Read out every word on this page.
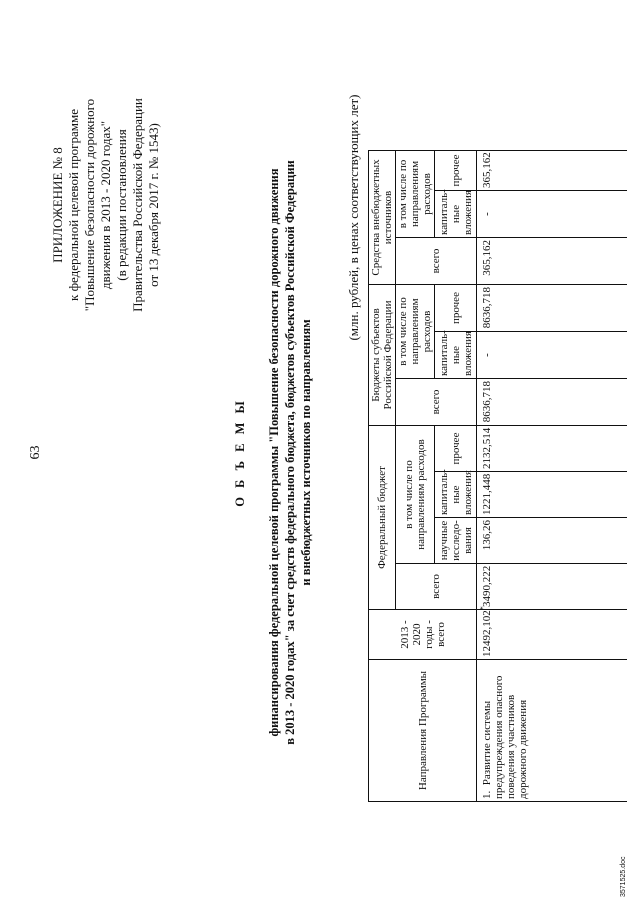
63
ПРИЛОЖЕНИЕ № 8 к федеральной целевой программе "Повышение безопасности дорожного движения в 2013 - 2020 годах" (в редакции постановления Правительства Российской Федерации от 13 декабря 2017 г. № 1543)
О Б Ъ Е М Ы финансирования федеральной целевой программы "Повышение безопасности дорожного движения в 2013 - 2020 годах" за счет средств федерального бюджета, бюджетов субъектов Российской Федерации и внебюджетных источников по направлениям
(млн. рублей, в ценах соответствующих лет)
Направления Программы	2013 - 2020 годы - всего	Федеральный бюджет				Бюджеты субъектов Российской Федерации			Средства внебюджетных источников			
		всего	в том числе по направлениям расходов			всего	в том числе по направлениям расходов		всего	в том числе по направлениям расходов		

			научные исследо-вания	капиталь-ные вложения	прочее		капиталь-ные вложения	прочее		капиталь-ные вложения	прочее	
1.  Развитие системы предупреждения опасного поведения участников дорожного движения	12492,102*	3490,222	136,26	1221,448	2132,514	8636,718	-	8636,718	365,162	-	365,162	
3571525.doc
